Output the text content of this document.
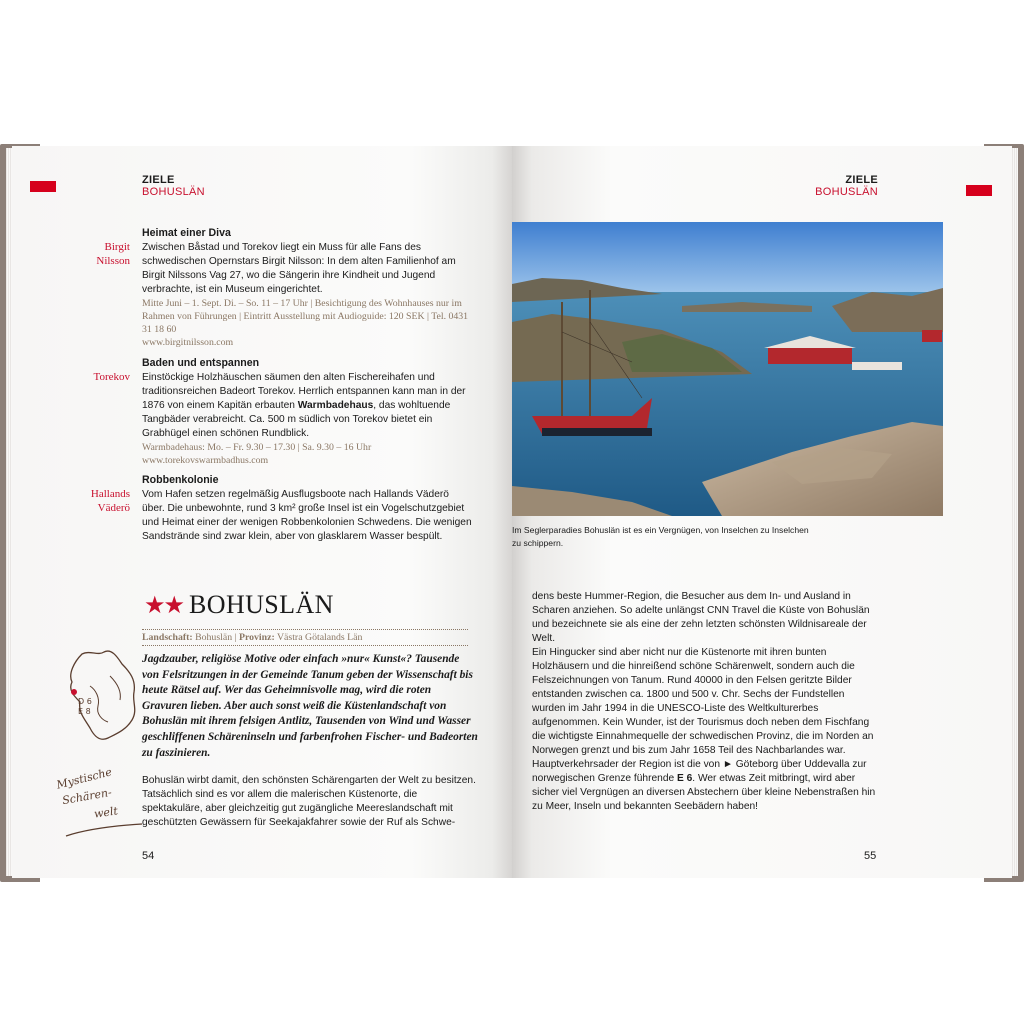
ZIELE
BOHUSLÄN
Birgit
Nilsson
Heimat einer Diva

Zwischen Båstad und Torekov liegt ein Muss für alle Fans des schwedischen Opernstars Birgit Nilsson: In dem alten Familienhof am Birgit Nilssons Vag 27, wo die Sängerin ihre Kindheit und Jugend verbrachte, ist ein Museum eingerichtet.

Mitte Juni – 1. Sept. Di. – So. 11 – 17 Uhr | Besichtigung des Wohnhauses nur im Rahmen von Führungen | Eintritt Ausstellung mit Audioguide: 120 SEK | Tel. 0431 31 18 60

www.birgitnilsson.com

Torekov
Baden und entspannen

Einstöckige Holzhäuschen säumen den alten Fischereihafen und traditionsreichen Badeort Torekov. Herrlich entspannen kann man in der 1876 von einem Kapitän erbauten Warmbadehaus, das wohltuende Tangbäder verabreicht. Ca. 500 m südlich von Torekov bietet ein Grabhügel einen schönen Rundblick.

Warmbadehaus: Mo. – Fr. 9.30 – 17.30 | Sa. 9.30 – 16 Uhr

www.torekovswarmbadhus.com

Hallands
Väderö
Robbenkolonie

Vom Hafen setzen regelmäßig Ausflugsboote nach Hallands Väderö über. Die unbewohnte, rund 3 km² große Insel ist ein Vogelschutzgebiet und Heimat einer der wenigen Robbenkolonien Schwedens. Die wenigen Sandstrände sind zwar klein, aber von glasklarem Wasser bespült.

★★ BOHUSLÄN
Landschaft: Bohuslän | Provinz: Västra Götalands Län
D 6
E 8

Jagdzauber, religiöse Motive oder einfach »nur« Kunst«? Tausende von Felsritzungen in der Gemeinde Tanum geben der Wissenschaft bis heute Rätsel auf. Wer das Geheimnisvolle mag, wird die roten Gravuren lieben. Aber auch sonst weiß die Küstenlandschaft von Bohuslän mit ihrem felsigen Antlitz, Tausenden von Wind und Wasser geschliffenen Schäreninseln und farbenfrohen Fischer- und Badeorten zu faszinieren.

Bohuslän wirbt damit, den schönsten Schärengarten der Welt zu besitzen. Tatsächlich sind es vor allem die malerischen Küstenorte, die spektakuläre, aber gleichzeitig gut zugängliche Meereslandschaft mit geschützten Gewässern für Seekajakfahrer sowie der Ruf als Schwe-

Mystische
Schären-
welt
54
ZIELE
BOHUSLÄN

Im Seglerparadies Bohuslän ist es ein Vergnügen, von Inselchen zu Inselchen zu schippern.

dens beste Hummer-Region, die Besucher aus dem In- und Ausland in Scharen anziehen. So adelte unlängst CNN Travel die Küste von Bohuslän und bezeichnete sie als eine der zehn letzten schönsten Wildnisareale der Welt.

Ein Hingucker sind aber nicht nur die Küstenorte mit ihren bunten Holzhäusern und die hinreißend schöne Schärenwelt, sondern auch die Felszeichnungen von Tanum. Rund 40000 in den Felsen geritzte Bilder entstanden zwischen ca. 1800 und 500 v. Chr. Sechs der Fundstellen wurden im Jahr 1994 in die UNESCO-Liste des Weltkulturerbes aufgenommen. Kein Wunder, ist der Tourismus doch neben dem Fischfang die wichtigste Einnahmequelle der schwedischen Provinz, die im Norden an Norwegen grenzt und bis zum Jahr 1658 Teil des Nachbarlandes war.

Hauptverkehrsader der Region ist die von ► Göteborg über Uddevalla zur norwegischen Grenze führende E 6. Wer etwas Zeit mitbringt, wird aber sicher viel Vergnügen an diversen Abstechern über kleine Nebenstraßen hin zu Meer, Inseln und bekannten Seebädern haben!

55
